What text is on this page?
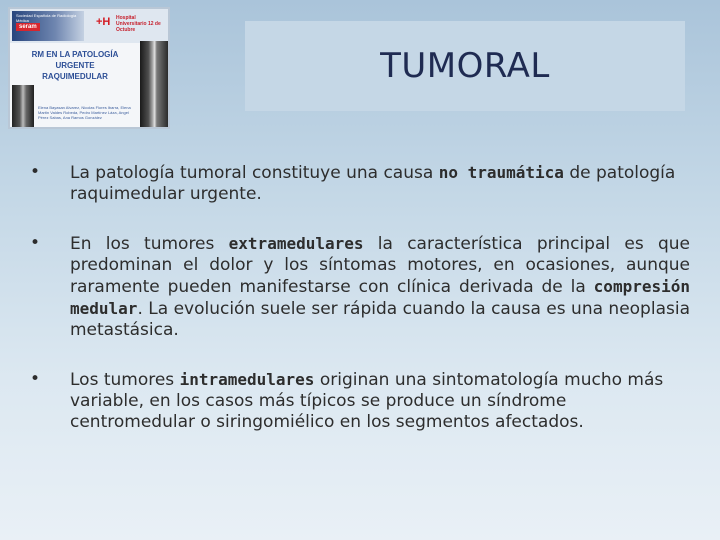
Sociedad Española de Radiología Médica
seram	+H	Hospital Universitario 12 de Octubre
RM EN LA PATOLOGÍA
URGENTE
RAQUIMEDULAR
Elena Bayasan Alvarez, Nicolas Flores Ibarra, Elena Martin Valdes Robeda, Pedro Martínez Láza, Angel Pérez Sabas, Ana Ramos González
TUMORAL
• La patología tumoral constituye una causa no traumática de patología raquimedular urgente.
• En los tumores extramedulares la característica principal es que predominan el dolor y los síntomas motores, en ocasiones, aunque raramente pueden manifestarse con clínica derivada de la compresión medular. La evolución suele ser rápida cuando la causa es una neoplasia metastásica.
• Los tumores intramedulares originan una sintomatología mucho más variable, en los casos más típicos se produce un síndrome centromedular o siringomiélico en los segmentos afectados.
